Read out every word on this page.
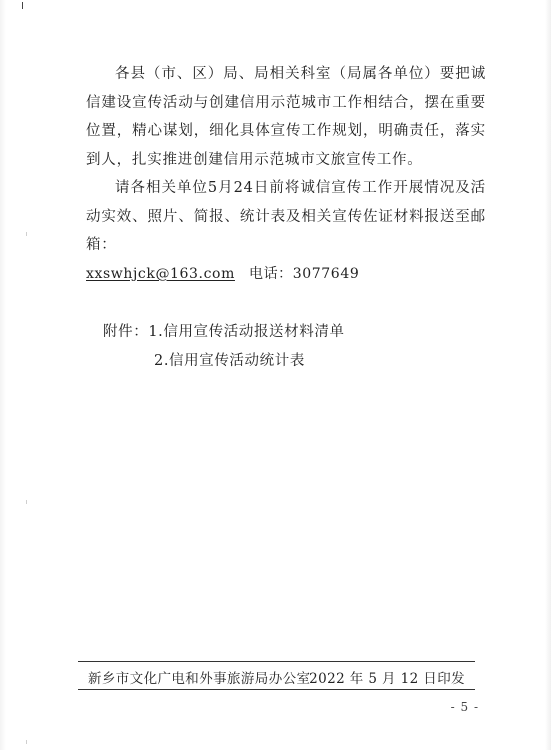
各县（市、区）局、局相关科室（局属各单位）要把诚信建设宣传活动与创建信用示范城市工作相结合，摆在重要位置，精心谋划，细化具体宣传工作规划，明确责任，落实到人，扎实推进创建信用示范城市文旅宣传工作。

请各相关单位5月24日前将诚信宣传工作开展情况及活动实效、照片、简报、统计表及相关宣传佐证材料报送至邮箱：

xxswhjck@163.com 电话：3077649

附件：1.信用宣传活动报送材料清单
2.信用宣传活动统计表
新乡市文化广电和外事旅游局办公室
2022 年 5 月 12 日印发
- 5 -
